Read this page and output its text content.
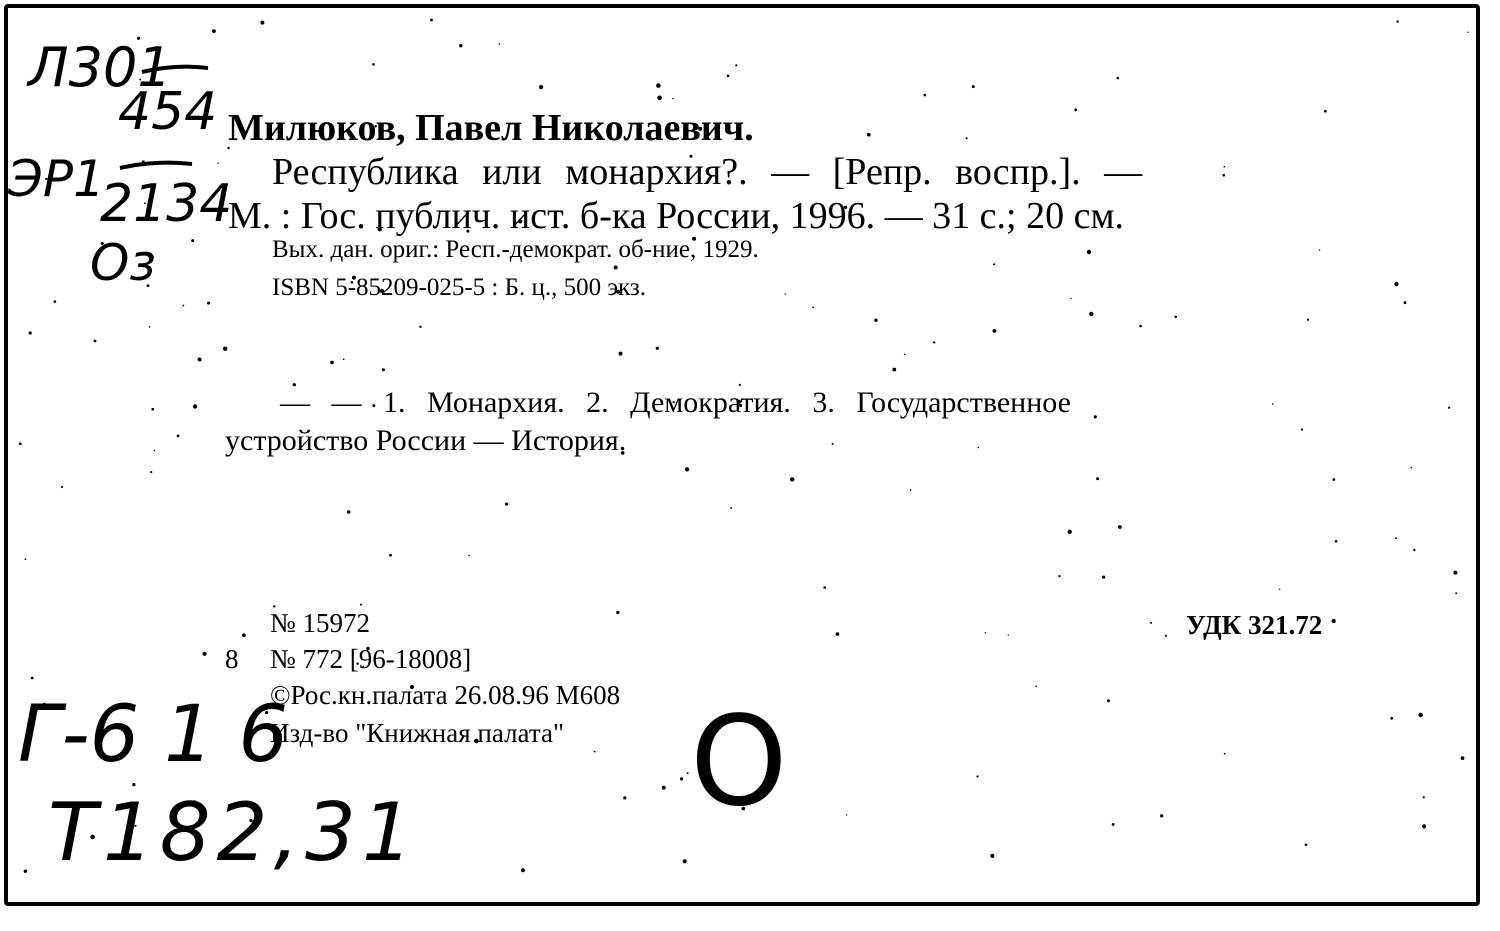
Л301
454
ЭР1
2134
Оз
Г-6 1 6
Т182,31 O
Милюков, Павел Николаевич.
Республика или монархия?. — [Репр. воспр.]. —
М. : Гос. публич. ист. б-ка России, 1996. — 31 с.; 20 см.
Вых. дан. ориг.: Респ.-демократ. об-ние, 1929.
ISBN 5-85209-025-5 : Б. ц., 500 экз.
— — 1. Монархия. 2. Демократия. 3. Государственное
устройство России — История.
№ 15972	УДК 321.72
8 № 772 [96-18008]
©Рос.кн.палата 26.08.96 М608
Изд-во "Книжная палата"
